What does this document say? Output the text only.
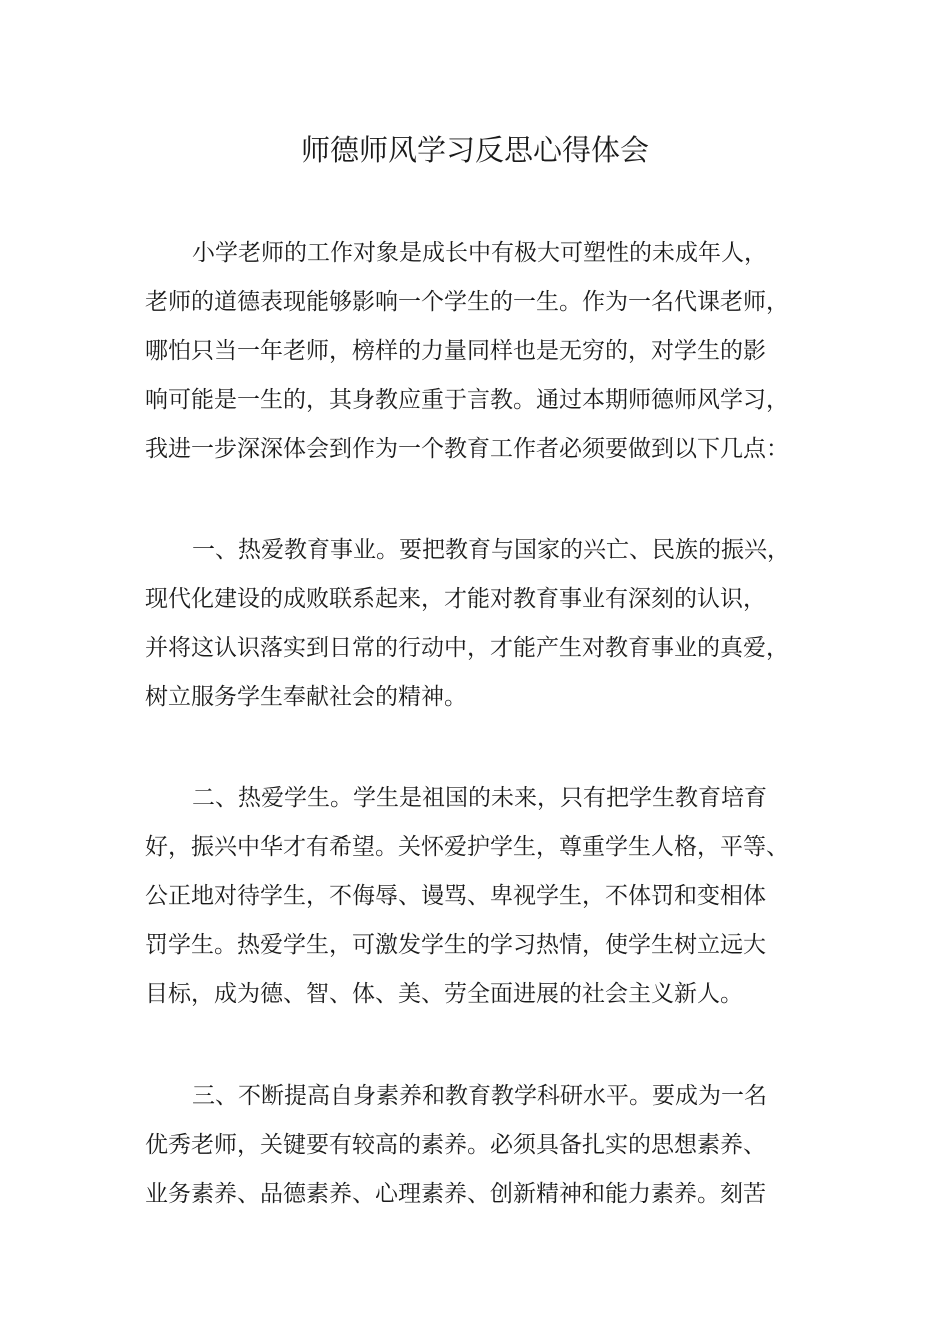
师德师风学习反思心得体会
小学老师的工作对象是成长中有极大可塑性的未成年人，
老师的道德表现能够影响一个学生的一生。作为一名代课老师，
哪怕只当一年老师，榜样的力量同样也是无穷的，对学生的影
响可能是一生的，其身教应重于言教。通过本期师德师风学习，
我进一步深深体会到作为一个教育工作者必须要做到以下几点：
一、热爱教育事业。要把教育与国家的兴亡、民族的振兴，
现代化建设的成败联系起来，才能对教育事业有深刻的认识，
并将这认识落实到日常的行动中，才能产生对教育事业的真爱，
树立服务学生奉献社会的精神。
二、热爱学生。学生是祖国的未来，只有把学生教育培育
好，振兴中华才有希望。关怀爱护学生，尊重学生人格，平等、
公正地对待学生，不侮辱、谩骂、卑视学生，不体罚和变相体
罚学生。热爱学生，可激发学生的学习热情，使学生树立远大
目标，成为德、智、体、美、劳全面进展的社会主义新人。
三、不断提高自身素养和教育教学科研水平。要成为一名
优秀老师，关键要有较高的素养。必须具备扎实的思想素养、
业务素养、品德素养、心理素养、创新精神和能力素养。刻苦
